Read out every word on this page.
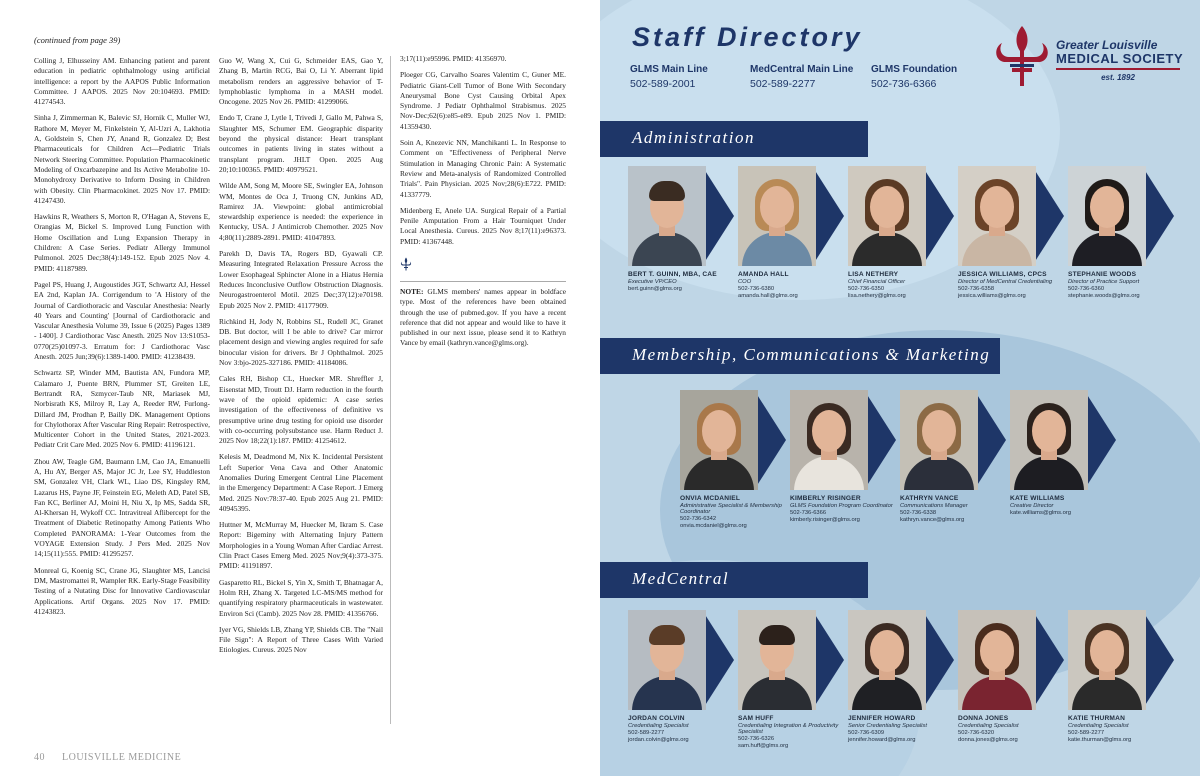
(continued from page 39)

Colling J, Elhusseiny AM. Enhancing patient and parent education in pediatric ophthalmology using artificial intelligence: a report by the AAPOS Public Information Committee. J AAPOS. 2025 Nov 20:104693. PMID: 41274543.

Sinha J, Zimmerman K, Balevic SJ, Hornik C, Muller WJ, Rathore M, Meyer M, Finkelstein Y, Al-Uzri A, Lakhotia A, Goldstein S, Chen JY, Anand R, Gonzalez D; Best Pharmaceuticals for Children Act—Pediatric Trials Network Steering Committee. Population Pharmacokinetic Modeling of Oxcarbazepine and Its Active Metabolite 10-Monohydroxy Derivative to Inform Dosing in Children with Obesity. Clin Pharmacokinet. 2025 Nov 17. PMID: 41247430.

Hawkins R, Weathers S, Morton R, O'Hagan A, Stevens E, Orangias M, Bickel S. Improved Lung Function with Home Oscillation and Lung Expansion Therapy in Children: A Case Series. Pediatr Allergy Immunol Pulmonol. 2025 Dec;38(4):149-152. Epub 2025 Nov 4. PMID: 41187989.

Pagel PS, Huang J, Augoustides JGT, Schwartz AJ, Hessel EA 2nd, Kaplan JA. Corrigendum to 'A History of the Journal of Cardiothoracic and Vascular Anesthesia: Nearly 40 Years and Counting' [Journal of Cardiothoracic and Vascular Anesthesia Volume 39, Issue 6 (2025) Pages 1389 - 1400]. J Cardiothorac Vasc Anesth. 2025 Nov 13:S1053-0770(25)01097-3. Erratum for: J Cardiothorac Vasc Anesth. 2025 Jun;39(6):1389-1400. PMID: 41238439.

Schwartz SP, Winder MM, Bautista AN, Fundora MP, Calamaro J, Puente BRN, Plummer ST, Greiten LE, Bertrandt RA, Szmycer-Taub NR, Mariasek MJ, Norbisrath KS, Milroy R, Lay A, Reeder RW, Furlong-Dillard JM, Prodhan P, Bailly DK. Management Options for Chylothorax After Vascular Ring Repair: Retrospective, Multicenter Cohort in the United States, 2021-2023. Pediatr Crit Care Med. 2025 Nov 6. PMID: 41196121.

Zhou AW, Teagle GM, Baumann LM, Cao JA, Emanuelli A, Hu AY, Berger AS, Major JC Jr, Lee SY, Huddleston SM, Gonzalez VH, Clark WL, Liao DS, Kingsley RM, Lazarus HS, Payne JF, Feinstein EG, Meleth AD, Patel SB, Fan KC, Berliner AJ, Moini H, Niu X, Ip MS, Sadda SR, Al-Khersan H, Wykoff CC. Intravitreal Aflibercept for the Treatment of Diabetic Retinopathy Among Patients Who Completed PANORAMA: 1-Year Outcomes from the VOYAGE Extension Study. J Pers Med. 2025 Nov 14;15(11):555. PMID: 41295257.

Monreal G, Koenig SC, Crane JG, Slaughter MS, Lancisi DM, Mastromattei R, Wampler RK. Early-Stage Feasibility Testing of a Nutating Disc for Innovative Cardiovascular Applications. Artif Organs. 2025 Nov 17. PMID: 41243823.

Guo W, Wang X, Cui G, Schmeider EAS, Gao Y, Zhang B, Martin RCG, Bai O, Li Y. Aberrant lipid metabolism renders an aggressive behavior of T-lymphoblastic lymphoma in a MASH model. Oncogene. 2025 Nov 26. PMID: 41299066.

Endo T, Crane J, Lytle I, Trivedi J, Gallo M, Pahwa S, Slaughter MS, Schumer EM. Geographic disparity beyond the physical distance: Heart transplant outcomes in patients living in states without a transplant program. JHLT Open. 2025 Aug 20;10:100365. PMID: 40979521.

Wilde AM, Song M, Moore SE, Swingler EA, Johnson WM, Montes de Oca J, Truong CN, Junkins AD, Ramirez JA. Viewpoint: global antimicrobial stewardship experience is needed: the experience in Kentucky, USA. J Antimicrob Chemother. 2025 Nov 4;80(11):2889-2891. PMID: 41047893.

Parekh D, Davis TA, Rogers BD, Gyawali CP. Measuring Integrated Relaxation Pressure Across the Lower Esophageal Sphincter Alone in a Hiatus Hernia Reduces Inconclusive Outflow Obstruction Diagnosis. Neurogastroenterol Motil. 2025 Dec;37(12):e70198. Epub 2025 Nov 2. PMID: 41177909.

Richkind H, Jody N, Robbins SL, Rudell JC, Granet DB. But doctor, will I be able to drive? Car mirror placement design and viewing angles required for safe binocular vision for drivers. Br J Ophthalmol. 2025 Nov 3:bjo-2025-327186. PMID: 41184086.

Cales RH, Bishop CL, Huecker MR. Shreffler J, Eisenstat MD, Troutt DJ. Harm reduction in the fourth wave of the opioid epidemic: A case series investigation of the effectiveness of definitive vs presumptive urine drug testing for opioid use disorder with co-occurring polysubstance use. Harm Reduct J. 2025 Nov 18;22(1):187. PMID: 41254612.

Kelesis M, Deadmond M, Nix K. Incidental Persistent Left Superior Vena Cava and Other Anatomic Anomalies During Emergent Central Line Placement in the Emergency Department: A Case Report. J Emerg Med. 2025 Nov:78:37-40. Epub 2025 Aug 21. PMID: 40945395.

Huttner M, McMurray M, Huecker M, Ikram S. Case Report: Bigeminy with Alternating Injury Pattern Morphologies in a Young Woman After Cardiac Arrest. Clin Pract Cases Emerg Med. 2025 Nov;9(4):373-375. PMID: 41191897.

Gasparetto RL, Bickel S, Yin X, Smith T, Bhatnagar A, Holm RH, Zhang X. Targeted LC-MS/MS method for quantifying respiratory pharmaceuticals in wastewater. Environ Sci (Camb). 2025 Nov 28. PMID: 41356766.

Iyer VG, Shields LB, Zhang YP, Shields CB. The "Nail File Sign": A Report of Three Cases With Varied Etiologies. Cureus. 2025 Nov

3;17(11):e95996. PMID: 41356970.

Ploeger CG, Carvalho Soares Valentim C, Guner ME. Pediatric Giant-Cell Tumor of Bone With Secondary Aneurysmal Bone Cyst Causing Orbital Apex Syndrome. J Pediatr Ophthalmol Strabismus. 2025 Nov-Dec;62(6):e85-e89. Epub 2025 Nov 1. PMID: 41359430.

Soin A, Knezevic NN, Manchikanti L. In Response to Comment on "Effectiveness of Peripheral Nerve Stimulation in Managing Chronic Pain: A Systematic Review and Meta-analysis of Randomized Controlled Trials". Pain Physician. 2025 Nov;28(6):E722. PMID: 41337779.

Midenberg E, Anele UA. Surgical Repair of a Partial Penile Amputation From a Hair Tourniquet Under Local Anesthesia. Cureus. 2025 Nov 8;17(11):e96373. PMID: 41367448.

NOTE: GLMS members' names appear in boldface type. Most of the references have been obtained through the use of pubmed.gov. If you have a recent reference that did not appear and would like to have it published in our next issue, please send it to Kathryn Vance by email (kathryn.vance@glms.org).
40 LOUISVILLE MEDICINE
Staff Directory
GLMS Main Line
502-589-2001
MedCentral Main Line
502-589-2277
GLMS Foundation
502-736-6366
Greater Louisville
MEDICAL SOCIETY
est. 1892
Administration
BERT T. GUINN, MBA, CAE
Executive VP/CEO
bert.guinn@glms.org
AMANDA HALL
COO
502-736-6380
amanda.hall@glms.org
LISA NETHERY
Chief Financial Officer
502-736-6350
lisa.nethery@glms.org
JESSICA WILLIAMS, CPCS
Director of MedCentral Credentialing
502-736-6358
jessica.williams@glms.org
STEPHANIE WOODS
Director of Practice Support
502-736-6360
stephanie.woods@glms.org
Membership, Communications & Marketing
ONVIA MCDANIEL
Administrative Specialist & Membership Coordinator
502-736-6342
onvia.mcdaniel@glms.org
KIMBERLY RISINGER
GLMS Foundation Program Coordinator
502-736-6366
kimberly.risinger@glms.org
KATHRYN VANCE
Communications Manager
502-736-6338
kathryn.vance@glms.org
KATE WILLIAMS
Creative Director
kate.williams@glms.org
MedCentral
JORDAN COLVIN
Credentialing Specialist
502-589-2277
jordan.colvin@glms.org
SAM HUFF
Credentialing Integration & Productivity Specialist
502-736-6326
sam.huff@glms.org
JENNIFER HOWARD
Senior Credentialing Specialist
502-736-6309
jennifer.howard@glms.org
DONNA JONES
Credentialing Specialist
502-736-6320
donna.jones@glms.org
KATIE THURMAN
Credentialing Specialist
502-589-2277
katie.thurman@glms.org
